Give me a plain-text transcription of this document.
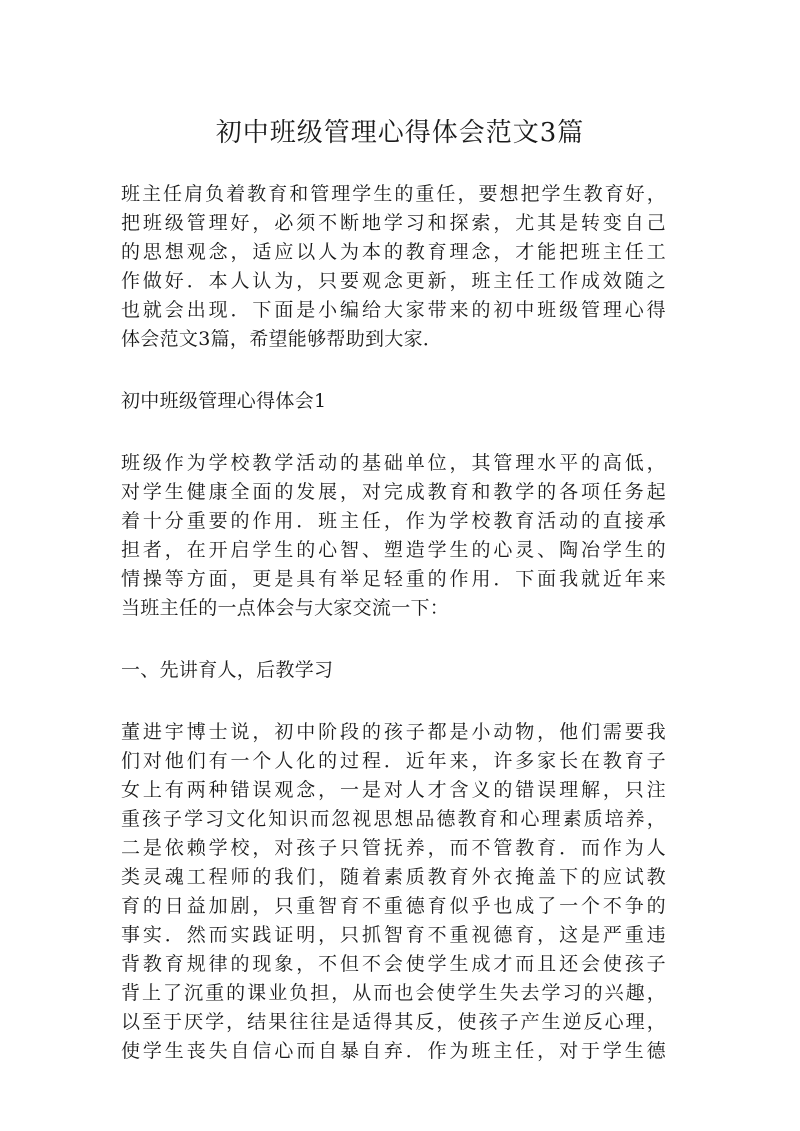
初中班级管理心得体会范文3篇
班主任肩负着教育和管理学生的重任，要想把学生教育好，
把班级管理好，必须不断地学习和探索，尤其是转变自己
的思想观念，适应以人为本的教育理念，才能把班主任工
作做好．本人认为，只要观念更新，班主任工作成效随之
也就会出现．下面是小编给大家带来的初中班级管理心得
体会范文3篇，希望能够帮助到大家．
初中班级管理心得体会1
班级作为学校教学活动的基础单位，其管理水平的高低，
对学生健康全面的发展，对完成教育和教学的各项任务起
着十分重要的作用．班主任，作为学校教育活动的直接承
担者，在开启学生的心智、塑造学生的心灵、陶冶学生的
情操等方面，更是具有举足轻重的作用．下面我就近年来
当班主任的一点体会与大家交流一下：
一、先讲育人，后教学习
董进宇博士说，初中阶段的孩子都是小动物，他们需要我
们对他们有一个人化的过程．近年来，许多家长在教育子
女上有两种错误观念，一是对人才含义的错误理解，只注
重孩子学习文化知识而忽视思想品德教育和心理素质培养，
二是依赖学校，对孩子只管抚养，而不管教育．而作为人
类灵魂工程师的我们，随着素质教育外衣掩盖下的应试教
育的日益加剧，只重智育不重德育似乎也成了一个不争的
事实．然而实践证明，只抓智育不重视德育，这是严重违
背教育规律的现象，不但不会使学生成才而且还会使孩子
背上了沉重的课业负担，从而也会使学生失去学习的兴趣，
以至于厌学，结果往往是适得其反，使孩子产生逆反心理，
使学生丧失自信心而自暴自弃．作为班主任，对于学生德
